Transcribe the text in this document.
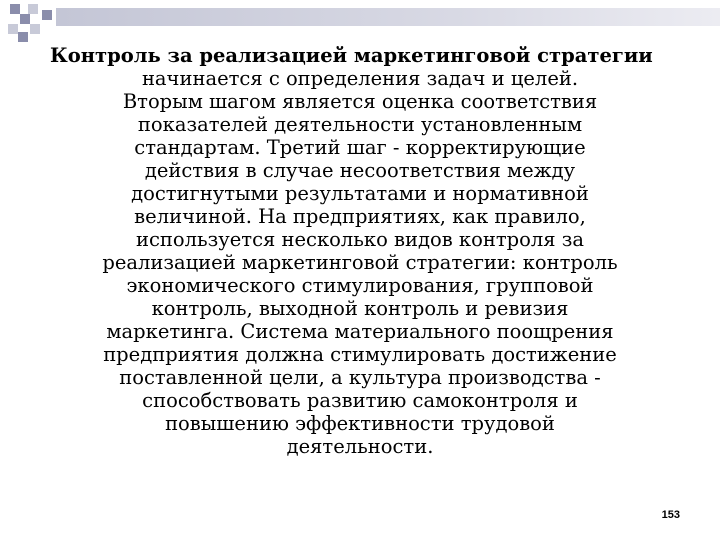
Контроль за реализацией маркетинговой стратегии
начинается с определения задач и целей.
Вторым шагом является оценка соответствия
показателей деятельности установленным
стандартам. Третий шаг - корректирующие
действия в случае несоответствия между
достигнутыми результатами и нормативной
величиной. На предприятиях, как правило,
используется несколько видов контроля за
реализацией маркетинговой стратегии: контроль
экономического стимулирования, групповой
контроль, выходной контроль и ревизия
маркетинга. Система материального поощрения
предприятия должна стимулировать достижение
поставленной цели, а культура производства -
способствовать развитию самоконтроля и
повышению эффективности трудовой
деятельности.
153
